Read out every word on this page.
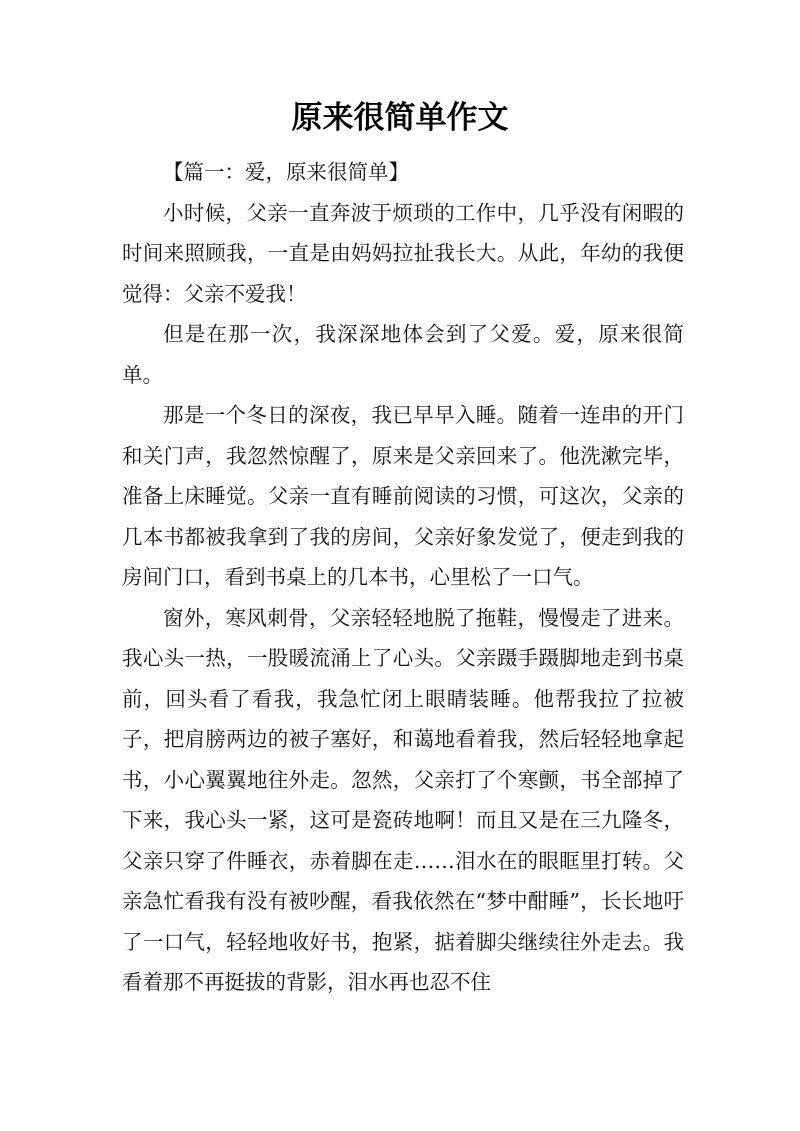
原来很简单作文

【篇一：爱，原来很简单】

小时候，父亲一直奔波于烦琐的工作中，几乎没有闲暇的时间来照顾我，一直是由妈妈拉扯我长大。从此，年幼的我便觉得：父亲不爱我！

但是在那一次，我深深地体会到了父爱。爱，原来很简单。

那是一个冬日的深夜，我已早早入睡。随着一连串的开门和关门声，我忽然惊醒了，原来是父亲回来了。他洗漱完毕，准备上床睡觉。父亲一直有睡前阅读的习惯，可这次，父亲的几本书都被我拿到了我的房间，父亲好象发觉了，便走到我的房间门口，看到书桌上的几本书，心里松了一口气。

窗外，寒风刺骨，父亲轻轻地脱了拖鞋，慢慢走了进来。我心头一热，一股暖流涌上了心头。父亲蹑手蹑脚地走到书桌前，回头看了看我，我急忙闭上眼睛装睡。他帮我拉了拉被子，把肩膀两边的被子塞好，和蔼地看着我，然后轻轻地拿起书，小心翼翼地往外走。忽然，父亲打了个寒颤，书全部掉了下来，我心头一紧，这可是瓷砖地啊！而且又是在三九隆冬，父亲只穿了件睡衣，赤着脚在走……泪水在的眼眶里打转。父亲急忙看我有没有被吵醒，看我依然在“梦中酣睡”，长长地吁了一口气，轻轻地收好书，抱紧，掂着脚尖继续往外走去。我看着那不再挺拔的背影，泪水再也忍不住
